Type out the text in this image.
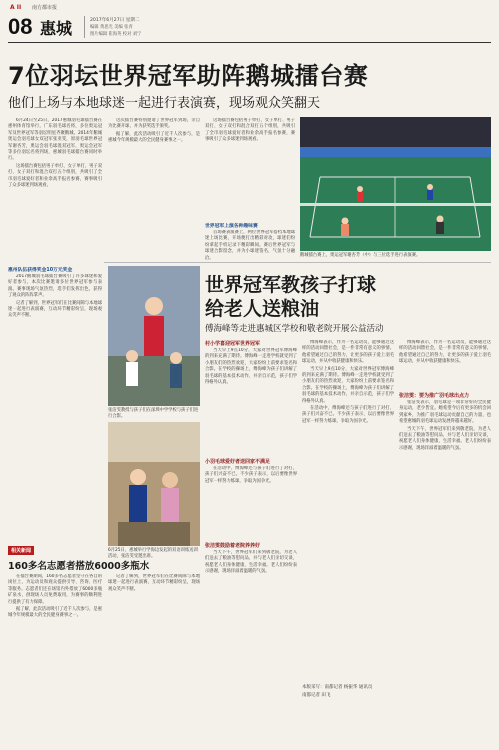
08
A II 南方都市报
惠城	2017年6月27日 星期二
编辑 黄思光 美编 张青
图片编辑 崔海英 校对 刘宁
7位羽坛世界冠军助阵鹅城擂台赛
他们上场与本地球迷一起进行表演赛，现场观众笑翻天

6月24日至25日，2017惠城羽毛球擂台赛在惠州体育馆举行，广东羽毛球名将，多位奥运冠军及世界冠军等羽坛明星齐聚鹅城。2014年鹅城奥运会羽毛球女双冠军张亚雯，原羽毛球世界冠军谢杏芳，奥运会羽毛球混双冠军，奥运会冠军等多位羽坛名将到场，惠城羽毛球擂台赛同时举行。

这场擂台赛包括男子单打、女子单打、男子双打、女子双打和混合双打五个组别，共吸引了全市羽毛球爱好者和业余高手报名参赛，赛事吸引了众多球迷到场观看。

惠州队伍获得奖金10万元奖金

2017鹅城羽毛球擂台赛吸引了许多球迷和爱好者参与，本次比赛邀请多位世界冠军参与表演。赛事现场气氛热烈，选手们发挥出色，获得了观众的阵阵掌声。

记者了解到，世界冠军们在比赛间隙与本地球迷一起进行表演赛，互动环节精彩纷呈，现场观众笑声不断。

这次擂台赛特别邀请了世界冠军到场，亲自为比赛开球，并为获奖选手颁奖。

据了解，此次活动吸引了近千人次参与，是惠城今年规模最大的全民健身赛事之一。

这场擂台赛包括男子单打、女子单打、男子双打、女子双打和混合双打五个组别，共吸引了全市羽毛球爱好者和业余高手报名参赛，赛事吸引了众多球迷到场观看。

世界冠军上演各种趣味赛

首场赛表演赛上，两位世界冠军搭档本地球迷上场比赛，开场便打出精彩对攻，球迷们纷纷拿起手机记录下精彩瞬间。赛后世界冠军与球迷合影留念，并为小球迷签名，气氛十分融洽。

鹅城擂台赛上，奥运冠军谢杏芳（中）与三位选手进行表演赛。
世界冠军教孩子打球
给老人送粮油
傅海峰等走进惠城区学校和敬老院开展公益活动
张洁雯教授与孩子们在深圳中学学校与孩子们进行合影。
6月25日，惠城举行学海边发起的双语训练送训活动，张洁雯受邀出席。
相关新闻
160多名志愿者搭放6000多瓶水

在擂台赛期间，160多名志愿者坚守在各自的岗位上，为运动员和观众提供引导、咨询、医疗等服务。志愿者们还在场馆内外搭放了6000多瓶矿泉水，供现场人员免费取用，为赛事的顺利进行提供了有力保障。

据了解，此次活动吸引了近千人次参与，是惠城今年规模最大的全民健身赛事之一。

记者了解到，世界冠军们在比赛间隙与本地球迷一起进行表演赛，互动环节精彩纷呈，现场观众笑声不断。

村小学喜迎冠军世界冠军

当天早上9点10分，大家对世界冠军傅海峰的到来充满了期待。傅海峰一走进学校就受到了小朋友们的热烈欢迎，大家纷纷上前要求签名和合影。在学校的操场上，傅海峰为孩子们讲解了羽毛球的基本技术动作，并亲自示范，孩子们学得格外认真。

小羽毛球爱好者送回家不满足

在活动中，傅海峰还与孩子们进行了对打，孩子们兴奋不已。不少孩子表示，以后要像世界冠军一样努力练球，争取为国争光。

张洁雯鼓励着老院养养好

当天下午，世界冠军们来到敬老院，为老人们送去了粮油等慰问品，并与老人们亲切交谈，祝愿老人们身体健康、生活幸福。老人们纷纷表示感谢，现场洋溢着温暖的气氛。

傅海峰表示，作为一名运动员，能够通过这样的活动回馈社会，是一件非常有意义的事情。他希望通过自己的努力，让更多的孩子爱上羽毛球运动，并从中收获健康和快乐。

当天早上9点10分，大家对世界冠军傅海峰的到来充满了期待。傅海峰一走进学校就受到了小朋友们的热烈欢迎，大家纷纷上前要求签名和合影。在学校的操场上，傅海峰为孩子们讲解了羽毛球的基本技术动作，并亲自示范，孩子们学得格外认真。

在活动中，傅海峰还与孩子们进行了对打，孩子们兴奋不已。不少孩子表示，以后要像世界冠军一样努力练球，争取为国争光。

傅海峰表示，作为一名运动员，能够通过这样的活动回馈社会，是一件非常有意义的事情。他希望通过自己的努力，让更多的孩子爱上羽毛球运动，并从中收获健康和快乐。

张洁雯：要为推广羽毛球出点力

张洁雯表示，羽毛球是一项非常好的全民健身运动，老少皆宜。她希望今后有更多的机会回到家乡，为推广羽毛球运动贡献自己的力量，也希望惠城的羽毛球运动发展得越来越好。

当天下午，世界冠军们来到敬老院，为老人们送去了粮油等慰问品，并与老人们亲切交谈，祝愿老人们身体健康、生活幸福。老人们纷纷表示感谢，现场洋溢着温暖的气氛。

本版采写：南都记者 杨振华 通讯员
南都记者 田飞
